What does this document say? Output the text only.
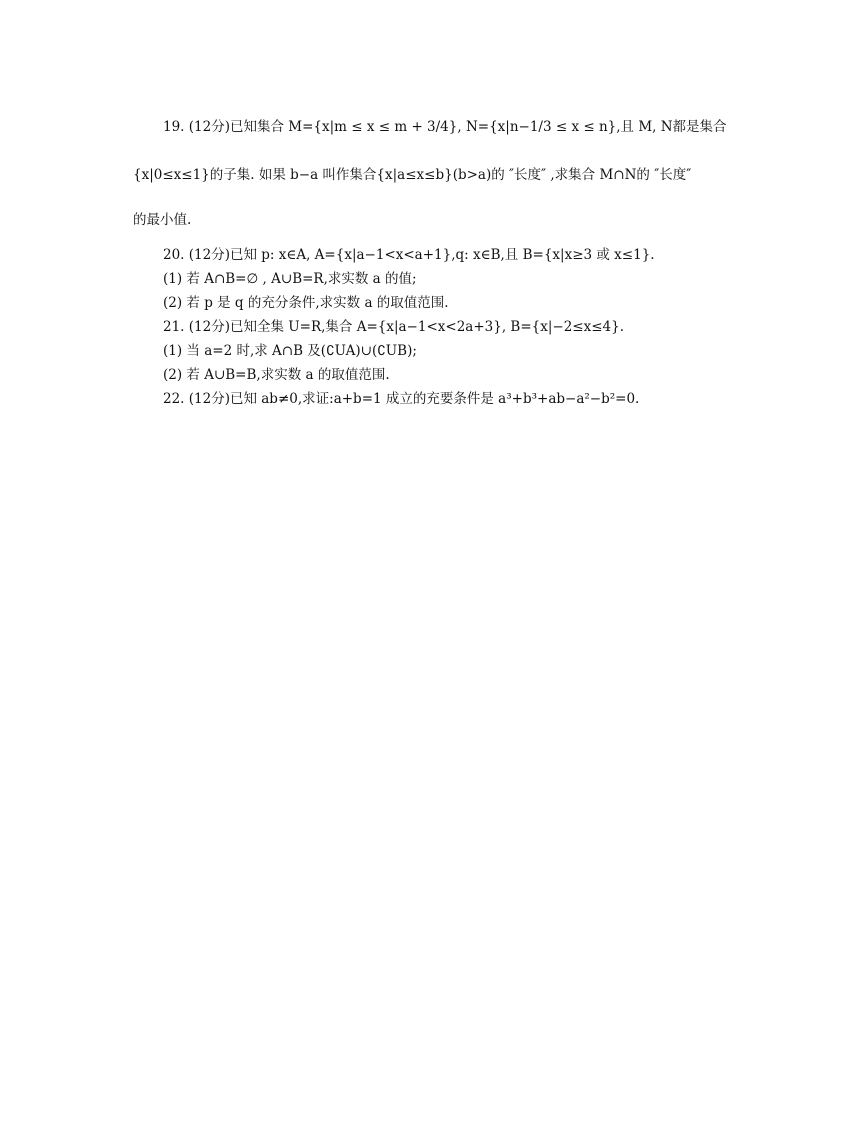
19. (12分)已知集合 M={x|m ≤ x ≤ m + 3/4}, N={x|n−1/3 ≤ x ≤ n},且 M, N都是集合
{x|0≤x≤1}的子集. 如果 b−a 叫作集合{x|a≤x≤b}(b>a)的 ″长度″ ,求集合 M∩N的 ″长度″
的最小值.
20. (12分)已知 p: x∈A, A={x|a−1<x<a+1},q: x∈B,且 B={x|x≥3 或 x≤1}.
(1) 若 A∩B=∅ , A∪B=R,求实数 a 的值;
(2) 若 p 是 q 的充分条件,求实数 a 的取值范围.
21. (12分)已知全集 U=R,集合 A={x|a−1<x<2a+3}, B={x|−2≤x≤4}.
(1) 当 a=2 时,求 A∩B 及(∁UA)∪(∁UB);
(2) 若 A∪B=B,求实数 a 的取值范围.
22. (12分)已知 ab≠0,求证:a+b=1 成立的充要条件是 a³+b³+ab−a²−b²=0.
